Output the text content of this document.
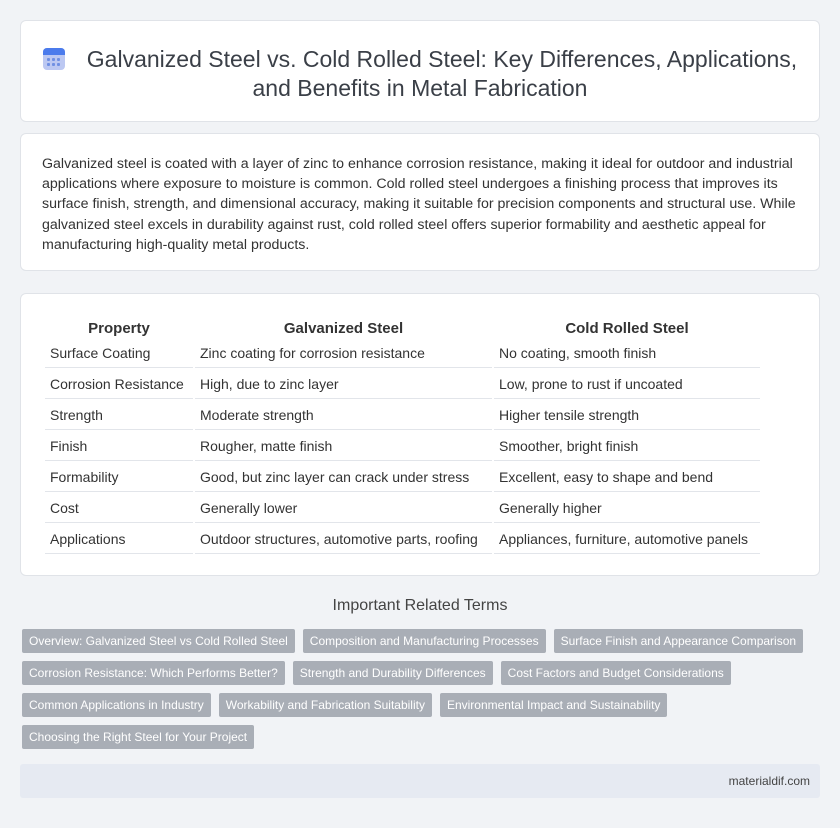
Galvanized Steel vs. Cold Rolled Steel: Key Differences, Applications, and Benefits in Metal Fabrication

Galvanized steel is coated with a layer of zinc to enhance corrosion resistance, making it ideal for outdoor and industrial applications where exposure to moisture is common. Cold rolled steel undergoes a finishing process that improves its surface finish, strength, and dimensional accuracy, making it suitable for precision components and structural use. While galvanized steel excels in durability against rust, cold rolled steel offers superior formability and aesthetic appeal for manufacturing high-quality metal products.

Property	Galvanized Steel	Cold Rolled Steel
Surface Coating	Zinc coating for corrosion resistance	No coating, smooth finish
Corrosion Resistance	High, due to zinc layer	Low, prone to rust if uncoated
Strength	Moderate strength	Higher tensile strength
Finish	Rougher, matte finish	Smoother, bright finish
Formability	Good, but zinc layer can crack under stress	Excellent, easy to shape and bend
Cost	Generally lower	Generally higher
Applications	Outdoor structures, automotive parts, roofing	Appliances, furniture, automotive panels
Important Related Terms
Overview: Galvanized Steel vs Cold Rolled Steel	Composition and Manufacturing Processes	Surface Finish and Appearance Comparison
Corrosion Resistance: Which Performs Better?	Strength and Durability Differences	Cost Factors and Budget Considerations
Common Applications in Industry	Workability and Fabrication Suitability	Environmental Impact and Sustainability
Choosing the Right Steel for Your Project
materialdif.com
